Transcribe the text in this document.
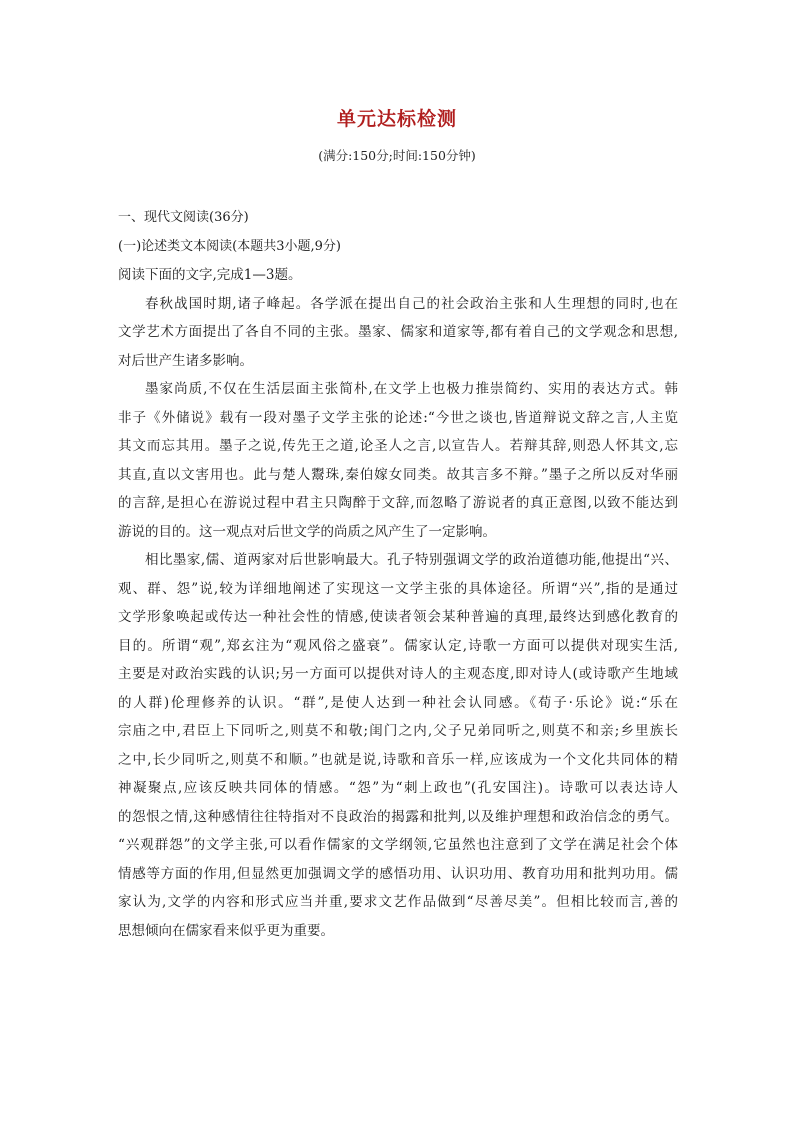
单元达标检测
(满分:150分;时间:150分钟)
一、现代文阅读(36分)
(一)论述类文本阅读(本题共3小题,9分)
阅读下面的文字,完成1—3题。
春秋战国时期,诸子峰起。各学派在提出自己的社会政治主张和人生理想的同时,也在
文学艺术方面提出了各自不同的主张。墨家、儒家和道家等,都有着自己的文学观念和思想,
对后世产生诸多影响。
墨家尚质,不仅在生活层面主张简朴,在文学上也极力推崇简约、实用的表达方式。韩
非子《外储说》载有一段对墨子文学主张的论述:“今世之谈也,皆道辩说文辞之言,人主览
其文而忘其用。墨子之说,传先王之道,论圣人之言,以宣告人。若辩其辞,则恐人怀其文,忘
其直,直以文害用也。此与楚人鬻珠,秦伯嫁女同类。故其言多不辩。”墨子之所以反对华丽
的言辞,是担心在游说过程中君主只陶醉于文辞,而忽略了游说者的真正意图,以致不能达到
游说的目的。这一观点对后世文学的尚质之风产生了一定影响。
相比墨家,儒、道两家对后世影响最大。孔子特别强调文学的政治道德功能,他提出“兴、
观、群、怨”说,较为详细地阐述了实现这一文学主张的具体途径。所谓“兴”,指的是通过
文学形象唤起或传达一种社会性的情感,使读者领会某种普遍的真理,最终达到感化教育的
目的。所谓“观”,郑玄注为“观风俗之盛衰”。儒家认定,诗歌一方面可以提供对现实生活,
主要是对政治实践的认识;另一方面可以提供对诗人的主观态度,即对诗人(或诗歌产生地域
的人群)伦理修养的认识。“群”,是使人达到一种社会认同感。《荀子·乐论》说:“乐在
宗庙之中,君臣上下同听之,则莫不和敬;闺门之内,父子兄弟同听之,则莫不和亲;乡里族长
之中,长少同听之,则莫不和顺。”也就是说,诗歌和音乐一样,应该成为一个文化共同体的精
神凝聚点,应该反映共同体的情感。“怨”为“刺上政也”(孔安国注)。诗歌可以表达诗人
的怨恨之情,这种感情往往特指对不良政治的揭露和批判,以及维护理想和政治信念的勇气。
“兴观群怨”的文学主张,可以看作儒家的文学纲领,它虽然也注意到了文学在满足社会个体
情感等方面的作用,但显然更加强调文学的感悟功用、认识功用、教育功用和批判功用。儒
家认为,文学的内容和形式应当并重,要求文艺作品做到“尽善尽美”。但相比较而言,善的
思想倾向在儒家看来似乎更为重要。
